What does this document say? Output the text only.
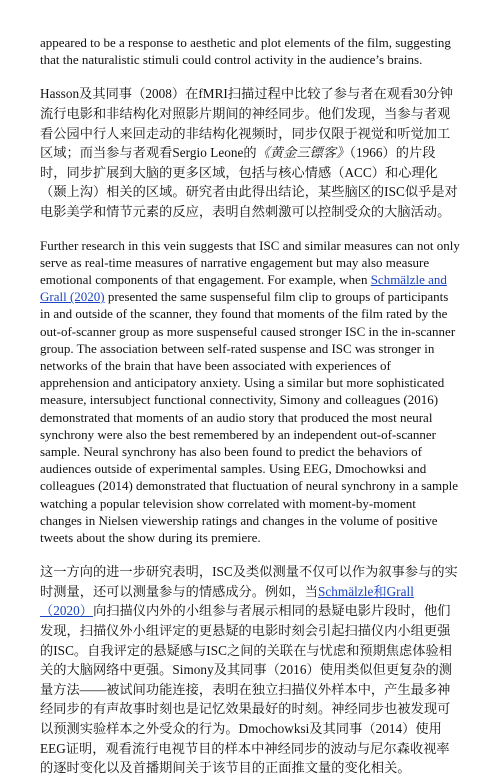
appeared to be a response to aesthetic and plot elements of the film, suggesting that the naturalistic stimuli could control activity in the audience’s brains.

Hasson及其同事（2008）在fMRI扫描过程中比较了参与者在观看30分钟流行电影和非结构化对照影片期间的神经同步。他们发现，当参与者观看公园中行人来回走动的非结构化视频时，同步仅限于视觉和听觉加工区域；而当参与者观看Sergio Leone的《黄金三镖客》（1966）的片段时，同步扩展到大脑的更多区域，包括与核心情感（ACC）和心理化（颞上沟）相关的区域。研究者由此得出结论，某些脑区的ISC似乎是对电影美学和情节元素的反应，表明自然刺激可以控制受众的大脑活动。

Further research in this vein suggests that ISC and similar measures can not only serve as real-time measures of narrative engagement but may also measure emotional components of that engagement. For example, when Schmälzle and Grall (2020) presented the same suspenseful film clip to groups of participants in and outside of the scanner, they found that moments of the film rated by the out-of-scanner group as more suspenseful caused stronger ISC in the in-scanner group. The association between self-rated suspense and ISC was stronger in networks of the brain that have been associated with experiences of apprehension and anticipatory anxiety. Using a similar but more sophisticated measure, intersubject functional connectivity, Simony and colleagues (2016) demonstrated that moments of an audio story that produced the most neural synchrony were also the best remembered by an independent out-of-scanner sample. Neural synchrony has also been found to predict the behaviors of audiences outside of experimental samples. Using EEG, Dmochowksi and colleagues (2014) demonstrated that fluctuation of neural synchrony in a sample watching a popular television show correlated with moment-by-moment changes in Nielsen viewership ratings and changes in the volume of positive tweets about the show during its premiere.

这一方向的进一步研究表明，ISC及类似测量不仅可以作为叙事参与的实时测量，还可以测量参与的情感成分。例如，当Schmälzle和Grall（2020）向扫描仪内外的小组参与者展示相同的悬疑电影片段时，他们发现，扫描仪外小组评定的更悬疑的电影时刻会引起扫描仪内小组更强的ISC。自我评定的悬疑感与ISC之间的关联在与忧虑和预期焦虑体验相关的大脑网络中更强。Simony及其同事（2016）使用类似但更复杂的测量方法——被试间功能连接，表明在独立扫描仪外样本中，产生最多神经同步的有声故事时刻也是记忆效果最好的时刻。神经同步也被发现可以预测实验样本之外受众的行为。Dmochowksi及其同事（2014）使用EEG证明，观看流行电视节目的样本中神经同步的波动与尼尔森收视率的逐时变化以及首播期间关于该节目的正面推文量的变化相关。
